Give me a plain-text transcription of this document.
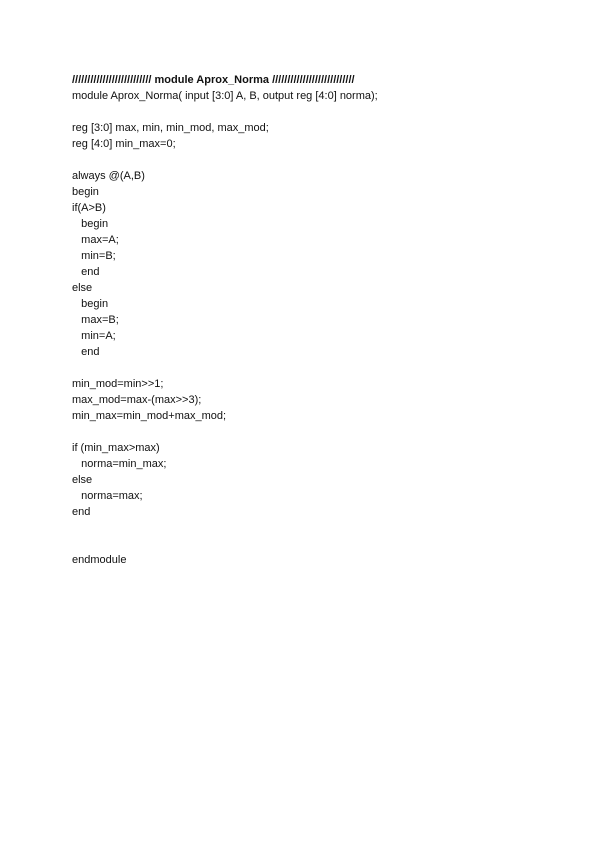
////////////////////////// module Aprox_Norma ///////////////////////////
module Aprox_Norma( input [3:0] A, B, output reg [4:0] norma);
reg [3:0] max, min, min_mod, max_mod;
reg [4:0] min_max=0;
always @(A,B)
begin
if(A>B)
begin
max=A;
min=B;
end
else
begin
max=B;
min=A;
end
min_mod=min>>1;
max_mod=max-(max>>3);
min_max=min_mod+max_mod;
if (min_max>max)
norma=min_max;
else
norma=max;
end
endmodule
